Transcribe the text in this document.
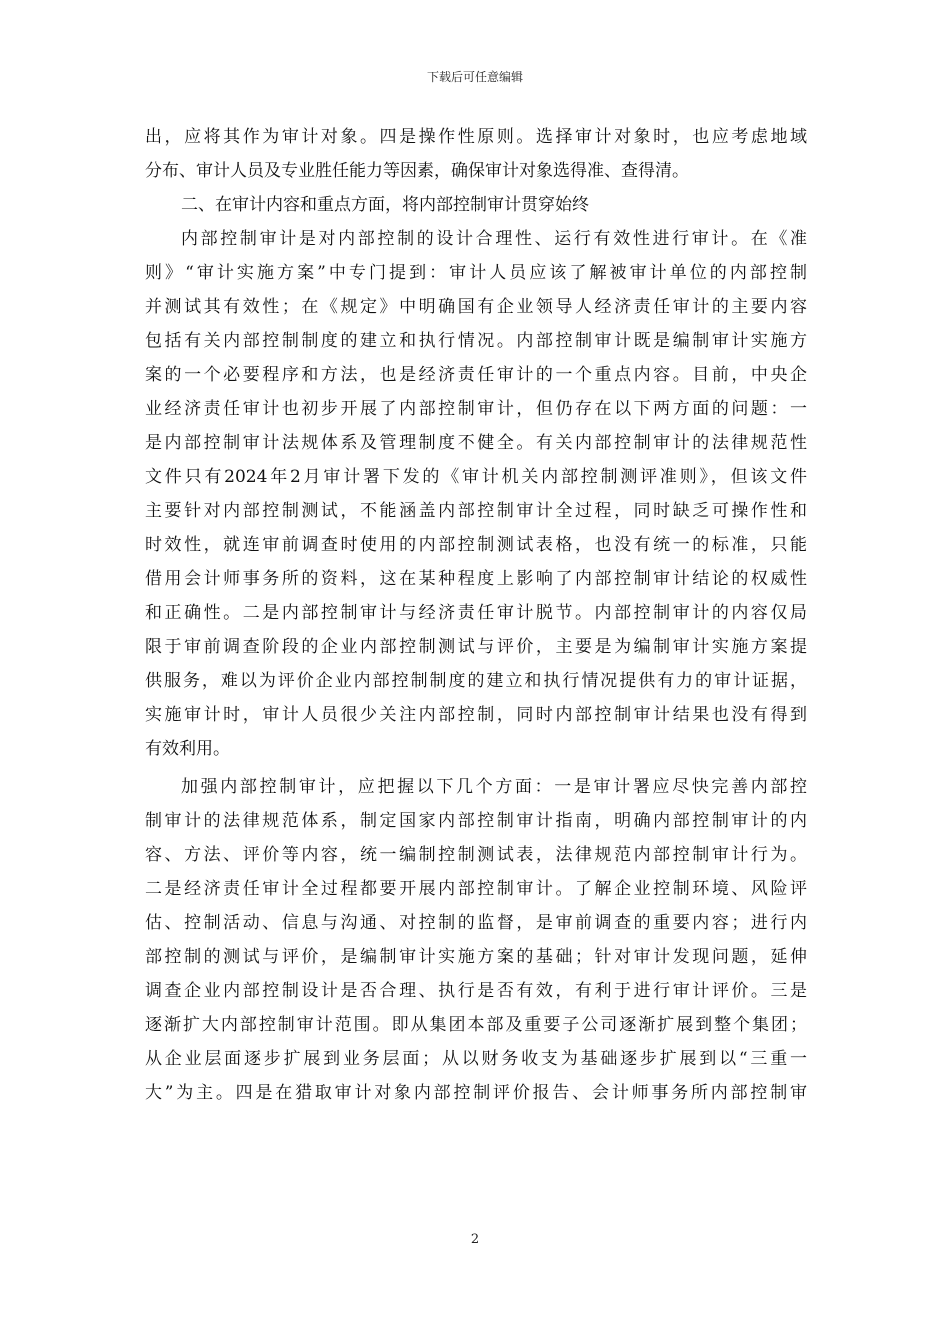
下载后可任意编辑
出，应将其作为审计对象。四是操作性原则。选择审计对象时，也应考虑地域
分布、审计人员及专业胜任能力等因素，确保审计对象选得准、查得清。
二、在审计内容和重点方面，将内部控制审计贯穿始终
内部控制审计是对内部控制的设计合理性、运行有效性进行审计。在《准
则》“审计实施方案”中专门提到：审计人员应该了解被审计单位的内部控制
并测试其有效性；在《规定》中明确国有企业领导人经济责任审计的主要内容
包括有关内部控制制度的建立和执行情况。内部控制审计既是编制审计实施方
案的一个必要程序和方法，也是经济责任审计的一个重点内容。目前，中央企
业经济责任审计也初步开展了内部控制审计，但仍存在以下两方面的问题：一
是内部控制审计法规体系及管理制度不健全。有关内部控制审计的法律规范性
文件只有2024年2月审计署下发的《审计机关内部控制测评准则》，但该文件
主要针对内部控制测试，不能涵盖内部控制审计全过程，同时缺乏可操作性和
时效性，就连审前调查时使用的内部控制测试表格，也没有统一的标准，只能
借用会计师事务所的资料，这在某种程度上影响了内部控制审计结论的权威性
和正确性。二是内部控制审计与经济责任审计脱节。内部控制审计的内容仅局
限于审前调查阶段的企业内部控制测试与评价，主要是为编制审计实施方案提
供服务，难以为评价企业内部控制制度的建立和执行情况提供有力的审计证据，
实施审计时，审计人员很少关注内部控制，同时内部控制审计结果也没有得到
有效利用。
加强内部控制审计，应把握以下几个方面：一是审计署应尽快完善内部控
制审计的法律规范体系，制定国家内部控制审计指南，明确内部控制审计的内
容、方法、评价等内容，统一编制控制测试表，法律规范内部控制审计行为。
二是经济责任审计全过程都要开展内部控制审计。了解企业控制环境、风险评
估、控制活动、信息与沟通、对控制的监督，是审前调查的重要内容；进行内
部控制的测试与评价，是编制审计实施方案的基础；针对审计发现问题，延伸
调查企业内部控制设计是否合理、执行是否有效，有利于进行审计评价。三是
逐渐扩大内部控制审计范围。即从集团本部及重要子公司逐渐扩展到整个集团；
从企业层面逐步扩展到业务层面；从以财务收支为基础逐步扩展到以“三重一
大”为主。四是在猎取审计对象内部控制评价报告、会计师事务所内部控制审
2
